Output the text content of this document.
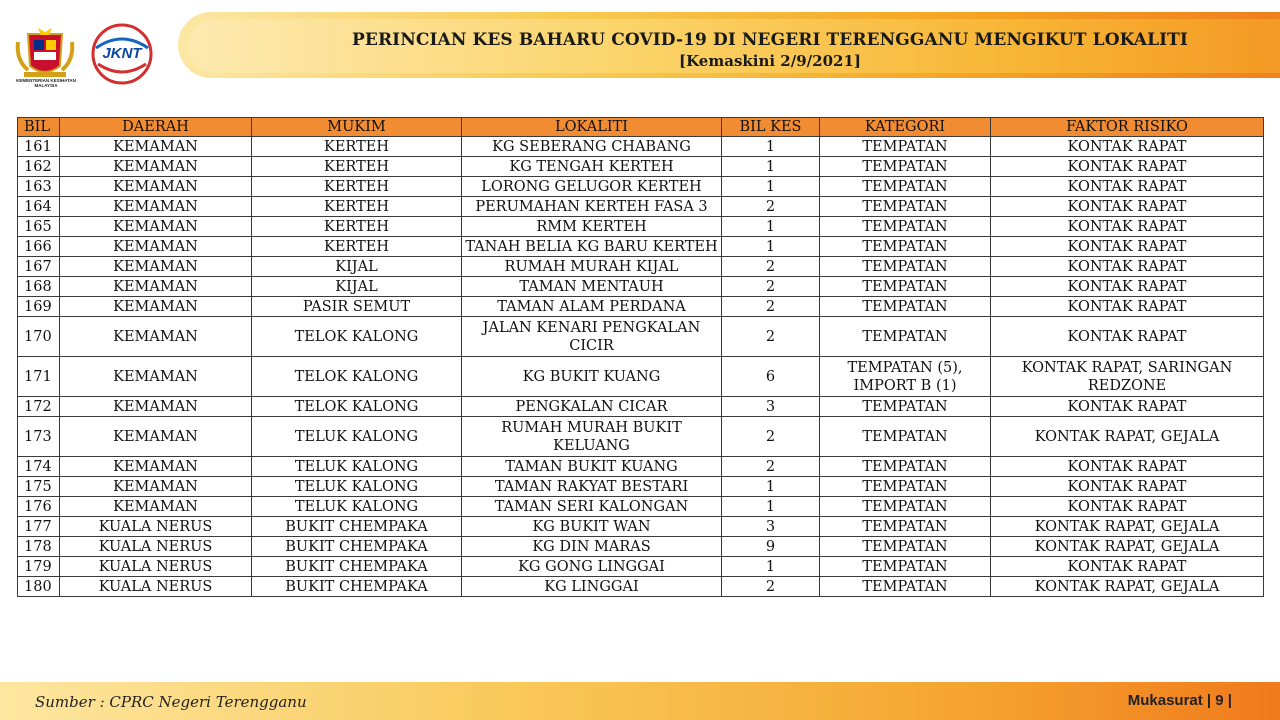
KEMENTERIAN KESIHATAN MALAYSIA
JKNT
PERINCIAN KES BAHARU COVID-19 DI NEGERI TERENGGANU MENGIKUT LOKALITI
[Kemaskini 2/9/2021]
BIL	DAERAH	MUKIM	LOKALITI	BIL KES	KATEGORI	FAKTOR RISIKO
161	KEMAMAN	KERTEH	KG SEBERANG CHABANG	1	TEMPATAN	KONTAK RAPAT
162	KEMAMAN	KERTEH	KG TENGAH KERTEH	1	TEMPATAN	KONTAK RAPAT
163	KEMAMAN	KERTEH	LORONG GELUGOR KERTEH	1	TEMPATAN	KONTAK RAPAT
164	KEMAMAN	KERTEH	PERUMAHAN KERTEH FASA 3	2	TEMPATAN	KONTAK RAPAT
165	KEMAMAN	KERTEH	RMM KERTEH	1	TEMPATAN	KONTAK RAPAT
166	KEMAMAN	KERTEH	TANAH BELIA KG BARU KERTEH	1	TEMPATAN	KONTAK RAPAT
167	KEMAMAN	KIJAL	RUMAH MURAH KIJAL	2	TEMPATAN	KONTAK RAPAT
168	KEMAMAN	KIJAL	TAMAN MENTAUH	2	TEMPATAN	KONTAK RAPAT
169	KEMAMAN	PASIR SEMUT	TAMAN ALAM PERDANA	2	TEMPATAN	KONTAK RAPAT
170	KEMAMAN	TELOK KALONG	JALAN KENARI PENGKALAN CICIR	2	TEMPATAN	KONTAK RAPAT
171	KEMAMAN	TELOK KALONG	KG BUKIT KUANG	6	TEMPATAN (5), IMPORT B (1)	KONTAK RAPAT, SARINGAN REDZONE
172	KEMAMAN	TELOK KALONG	PENGKALAN CICAR	3	TEMPATAN	KONTAK RAPAT
173	KEMAMAN	TELUK KALONG	RUMAH MURAH BUKIT KELUANG	2	TEMPATAN	KONTAK RAPAT, GEJALA
174	KEMAMAN	TELUK KALONG	TAMAN BUKIT KUANG	2	TEMPATAN	KONTAK RAPAT
175	KEMAMAN	TELUK KALONG	TAMAN RAKYAT BESTARI	1	TEMPATAN	KONTAK RAPAT
176	KEMAMAN	TELUK KALONG	TAMAN SERI KALONGAN	1	TEMPATAN	KONTAK RAPAT
177	KUALA NERUS	BUKIT CHEMPAKA	KG BUKIT WAN	3	TEMPATAN	KONTAK RAPAT, GEJALA
178	KUALA NERUS	BUKIT CHEMPAKA	KG DIN MARAS	9	TEMPATAN	KONTAK RAPAT, GEJALA
179	KUALA NERUS	BUKIT CHEMPAKA	KG GONG LINGGAI	1	TEMPATAN	KONTAK RAPAT
180	KUALA NERUS	BUKIT CHEMPAKA	KG LINGGAI	2	TEMPATAN	KONTAK RAPAT, GEJALA
Sumber : CPRC Negeri Terengganu	Mukasurat | 9 |
